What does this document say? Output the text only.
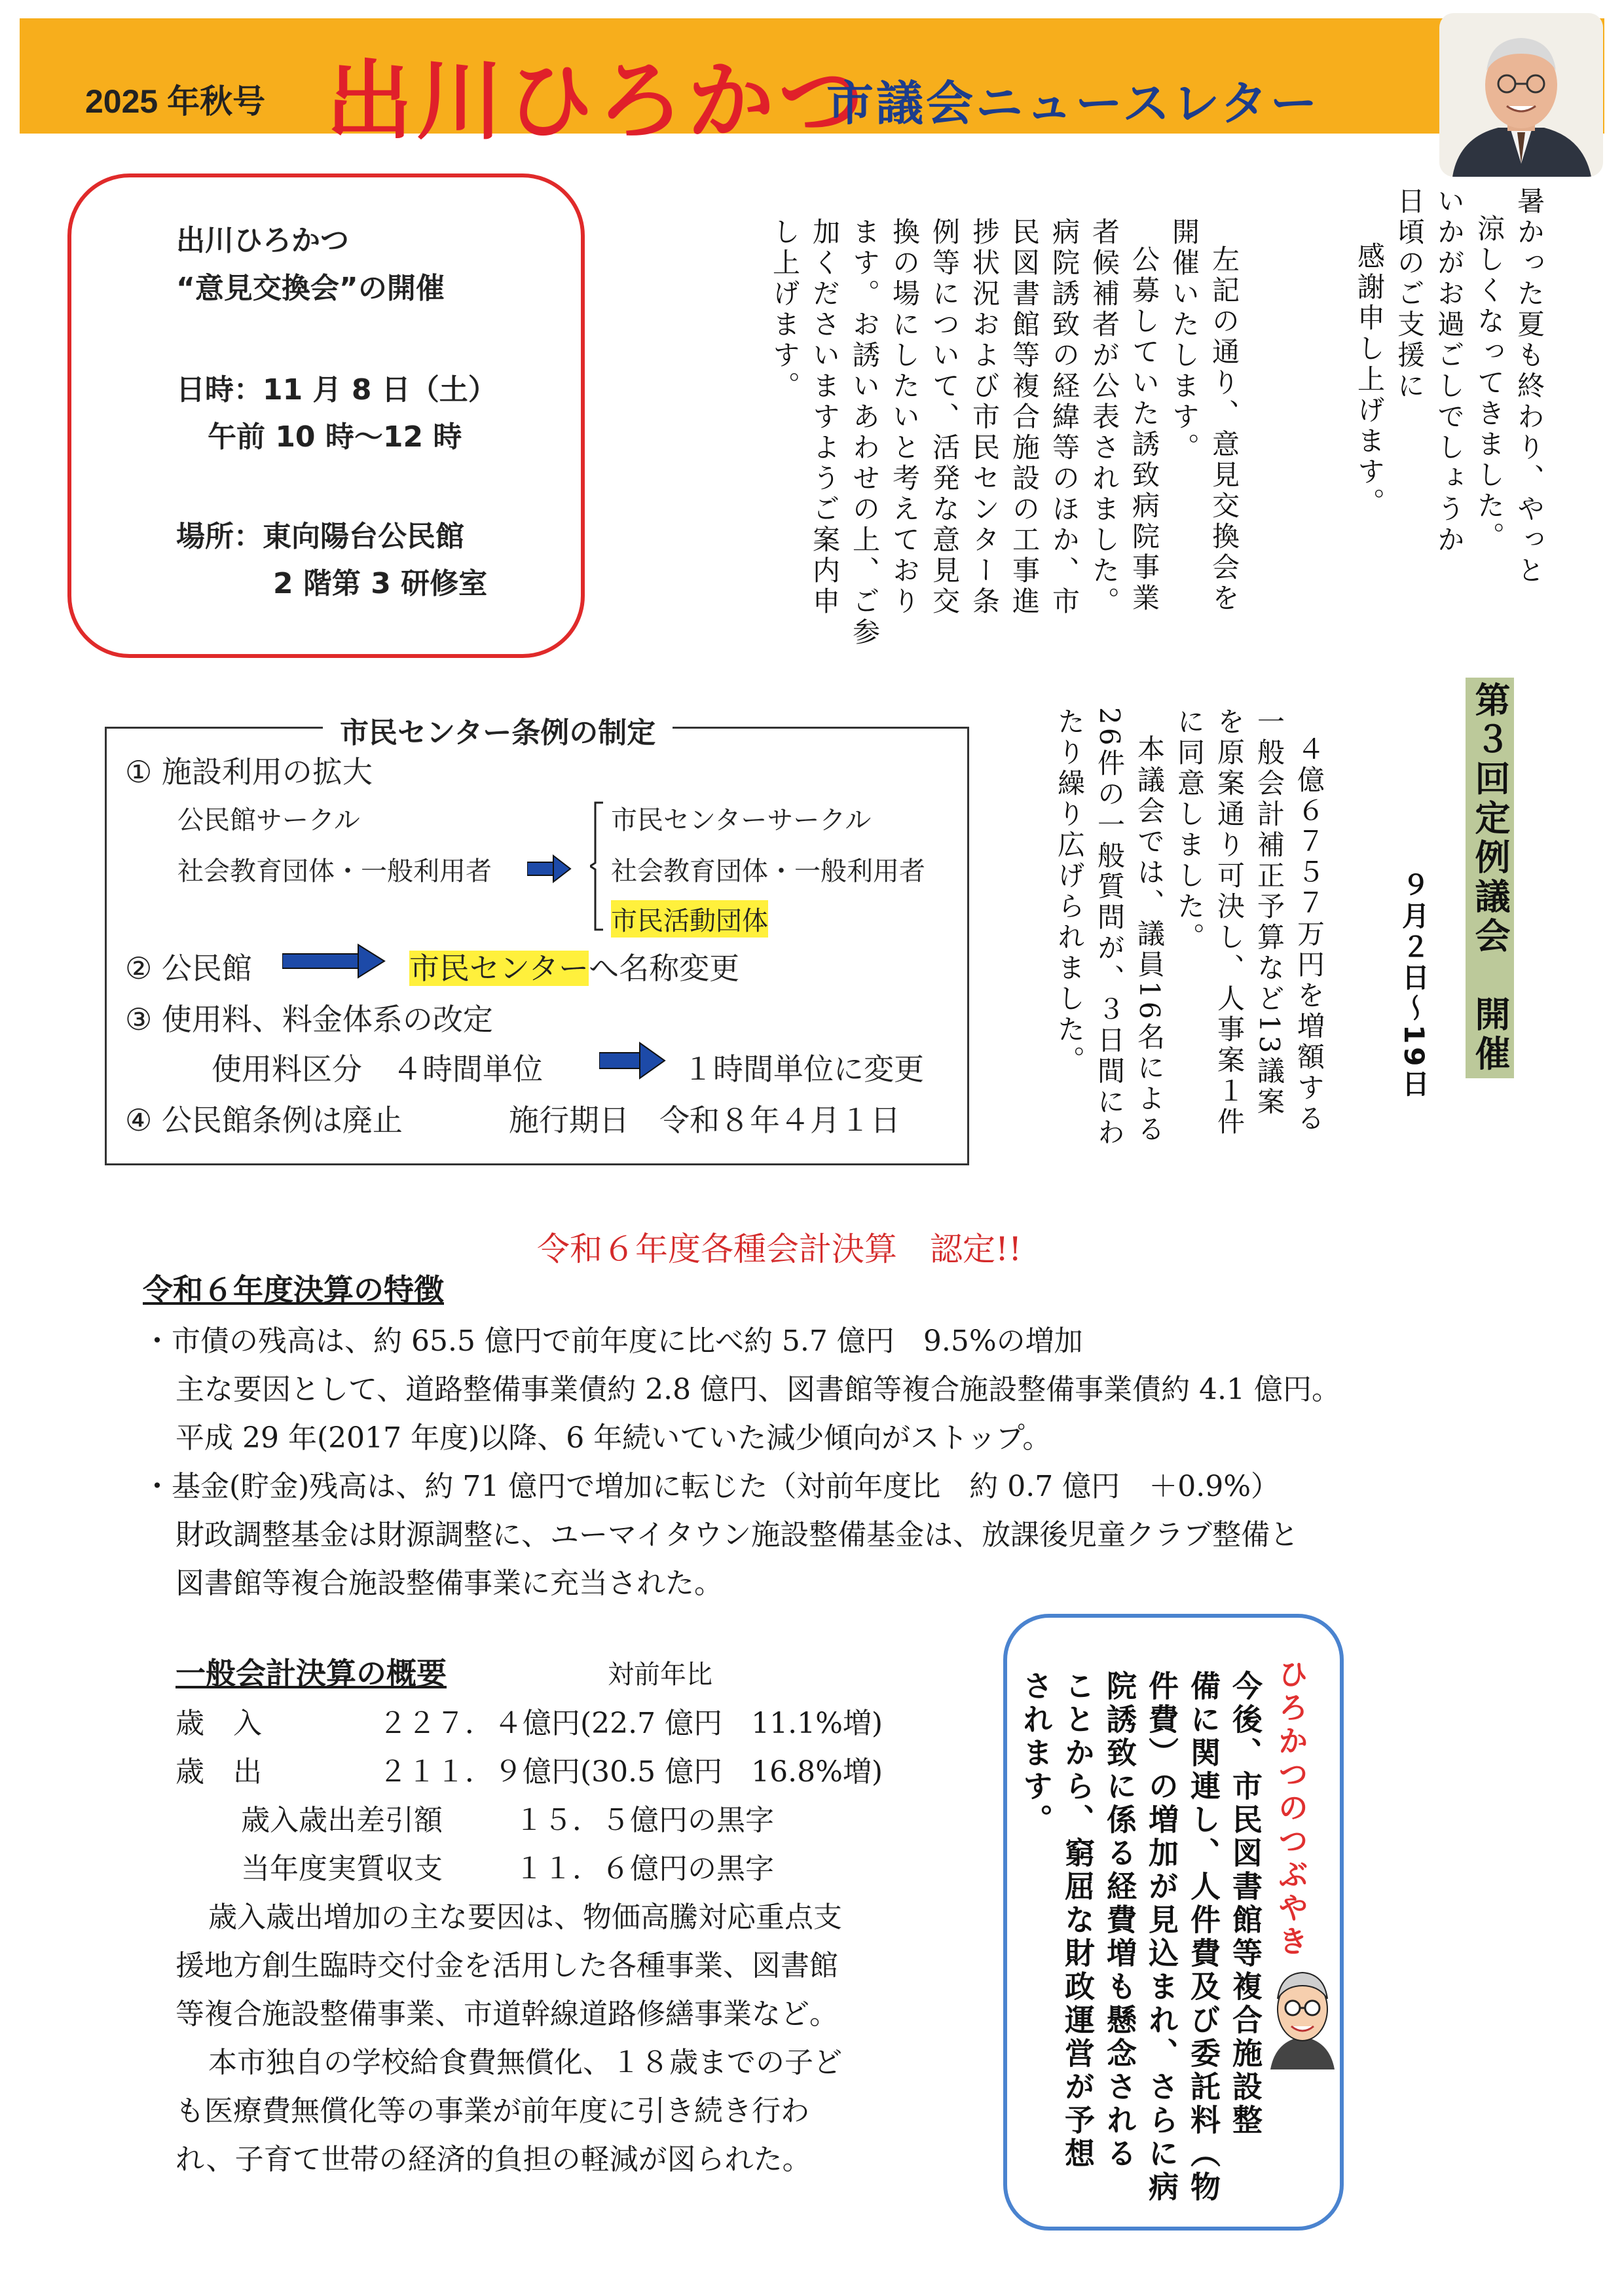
2025 年秋号 出川ひろかつ
市議会ニュースレター
出川ひろかつ
“意見交換会”の開催
日時：11 月 8 日（土）
午前 10 時～12 時
場所：東向陽台公民館
2 階第 3 研修室	暑かった夏も終わり、やっと

涼しくなってきました。

いかがお過ごしでしょうか

日頃のご支援に

感謝申し上げます。

左記の通り、意見交換会を

開催いたします。

公募していた誘致病院事業

者候補者が公表されました。

病院誘致の経緯等のほか、市

民図書館等複合施設の工事進

捗状況および市民センター条

例等について、活発な意見交

換の場にしたいと考えており

ます。お誘いあわせの上、ご参

加くださいますようご案内申

し上げます。

第３回定例議会　開催
９月２日～19日

４億６７５７万円を増額する

一般会計補正予算など13議案

を原案通り可決し、人事案１件

に同意しました。

本議会では、議員16名による

26件の一般質問が、３日間にわ

たり繰り広げられました。

市民センター条例の制定
① 施設利用の拡大
公民館サークル
社会教育団体・一般利用者
市民センターサークル
社会教育団体・一般利用者
市民活動団体
② 公民館	市民センターへ名称変更
③ 使用料、料金体系の改定
使用料区分　４時間単位	１時間単位に変更
④ 公民館条例は廃止	施行期日　令和８年４月１日
令和６年度各種会計決算　認定!!
令和６年度決算の特徴
・市債の残高は、約 65.5 億円で前年度に比べ約 5.7 億円　9.5%の増加
主な要因として、道路整備事業債約 2.8 億円、図書館等複合施設整備事業債約 4.1 億円。
平成 29 年(2017 年度)以降、6 年続いていた減少傾向がストップ。
・基金(貯金)残高は、約 71 億円で増加に転じた（対前年度比　約 0.7 億円　＋0.9%）
財政調整基金は財源調整に、ユーマイタウン施設整備基金は、放課後児童クラブ整備と
図書館等複合施設整備事業に充当された。
一般会計決算の概要	対前年比
歳　入	２２７．４億円(22.7 億円　11.1%増)
歳　出	２１１．９億円(30.5 億円　16.8%増)
歳入歳出差引額	１５．５億円の黒字
当年度実質収支	１１．６億円の黒字
歳入歳出増加の主な要因は、物価高騰対応重点支
援地方創生臨時交付金を活用した各種事業、図書館
等複合施設整備事業、市道幹線道路修繕事業など。
本市独自の学校給食費無償化、１８歳までの子ど
も医療費無償化等の事業が前年度に引き続き行わ
れ、子育て世帯の経済的負担の軽減が図られた。
ひろかつのつぶやき

今後、市民図書館等複合施設整

備に関連し、人件費及び委託料（物

件費）の増加が見込まれ、さらに病

院誘致に係る経費増も懸念される

ことから、窮屈な財政運営が予想

されます。
